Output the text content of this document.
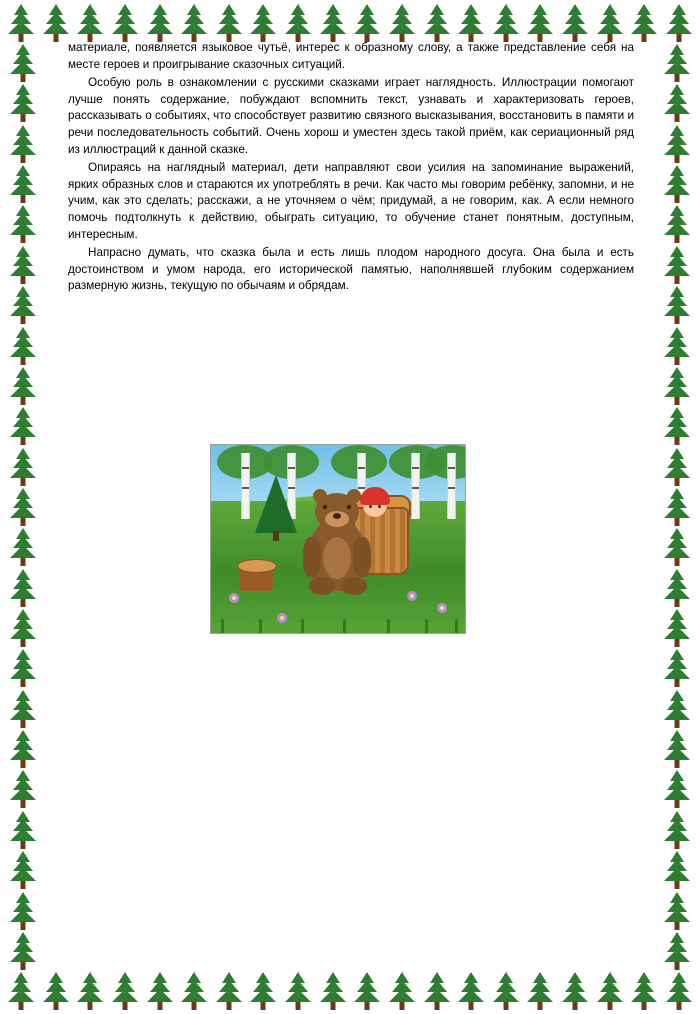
материале, появляется языковое чутьё, интерес к образному слову, а также представление себя на месте героев и проигрывание сказочных ситуаций.

Особую роль в ознакомлении с русскими сказками играет наглядность. Иллюстрации помогают лучше понять содержание, побуждают вспомнить текст, узнавать и характеризовать героев, рассказывать о событиях, что способствует развитию связного высказывания, восстановить в памяти и речи последовательность событий. Очень хорош и уместен здесь такой приём, как сериационный ряд из иллюстраций к данной сказке.

Опираясь на наглядный материал, дети направляют свои усилия на запоминание выражений, ярких образных слов и стараются их употреблять в речи. Как часто мы говорим ребёнку, запомни, и не учим, как это сделать; расскажи, а не уточняем о чём; придумай, а не говорим, как. А если немного помочь подтолкнуть к действию, обыграть ситуацию, то обучение станет понятным, доступным, интересным.

Напрасно думать, что сказка была и есть лишь плодом народного досуга. Она была и есть достоинством и умом народа, его исторической памятью, наполнявшей глубоким содержанием размерную жизнь, текущую по обычаям и обрядам.
